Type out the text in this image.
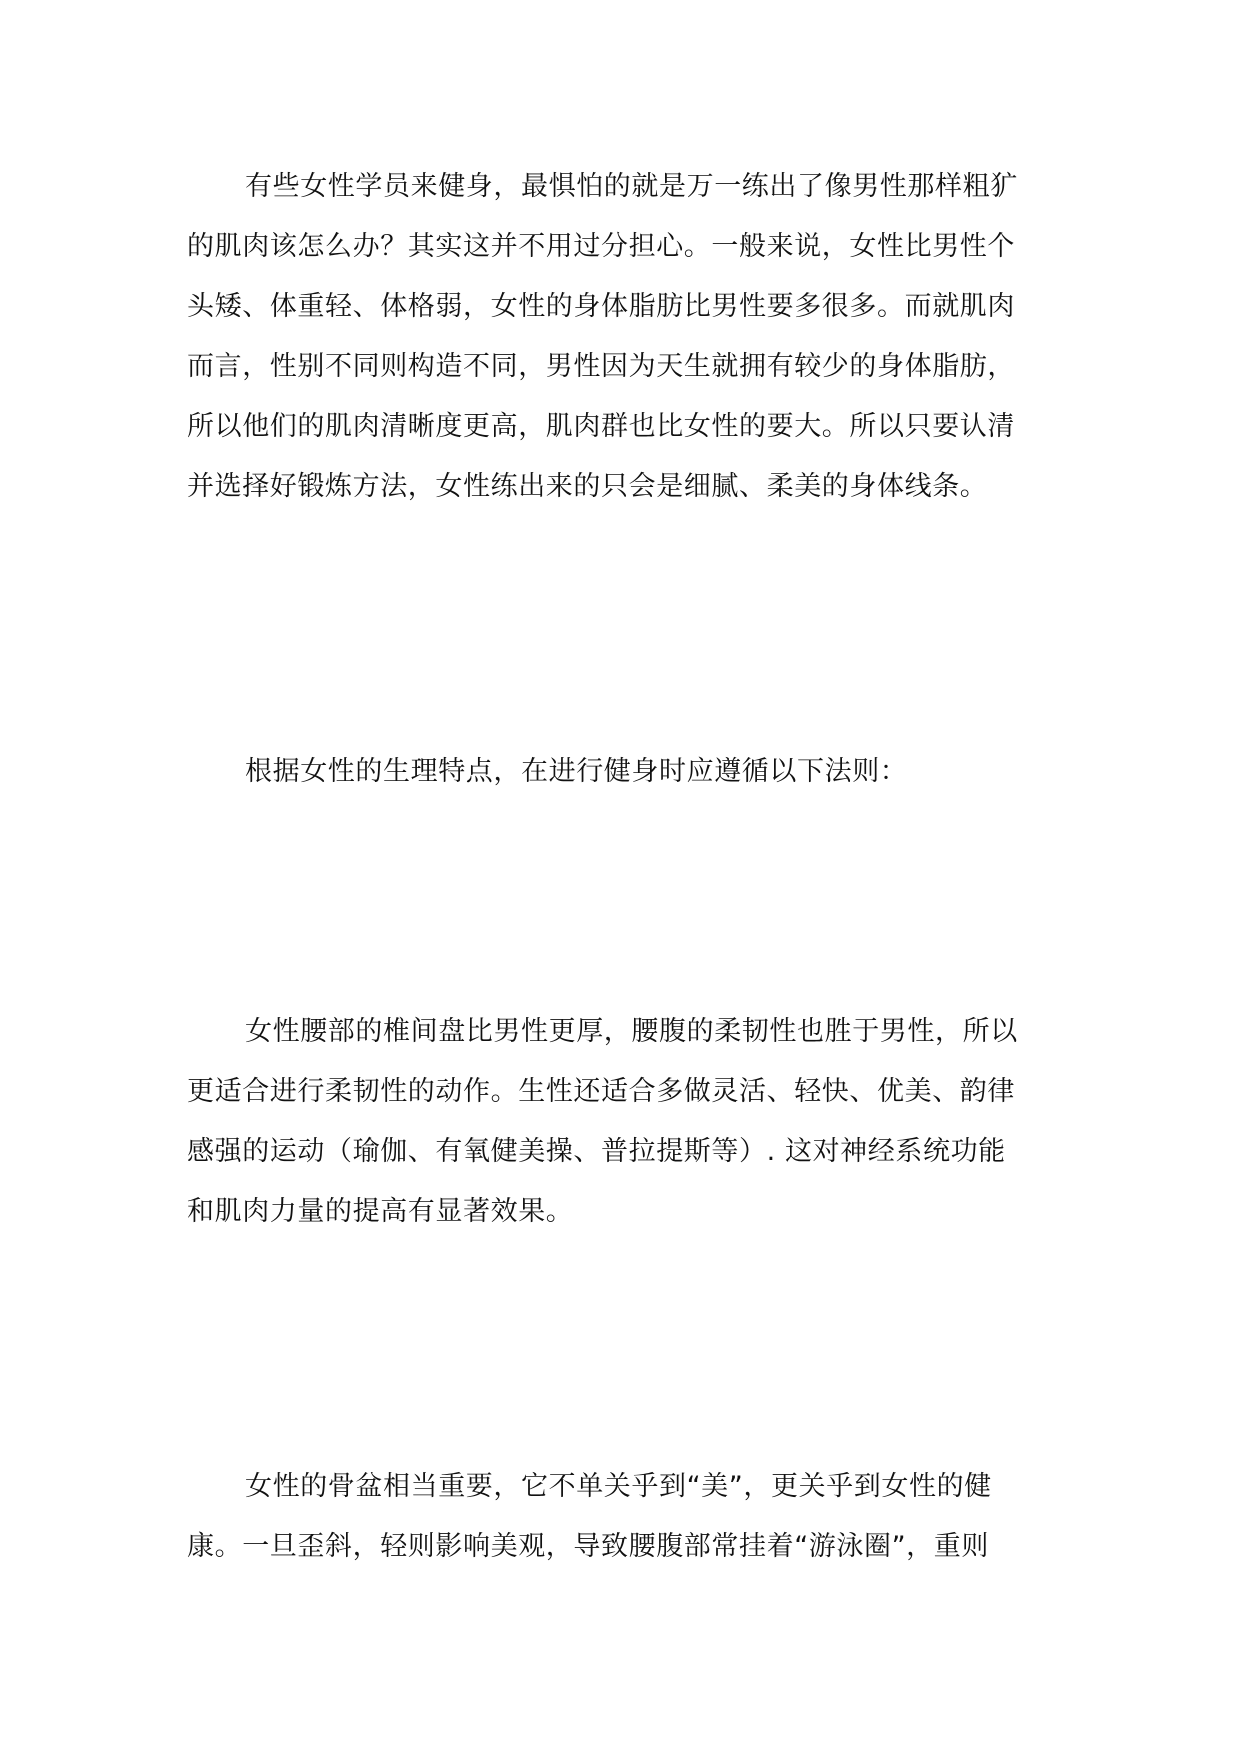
有些女性学员来健身，最惧怕的就是万一练出了像男性那样粗犷
的肌肉该怎么办？其实这并不用过分担心。一般来说，女性比男性个
头矮、体重轻、体格弱，女性的身体脂肪比男性要多很多。而就肌肉
而言，性别不同则构造不同，男性因为天生就拥有较少的身体脂肪，
所以他们的肌肉清晰度更高，肌肉群也比女性的要大。所以只要认清
并选择好锻炼方法，女性练出来的只会是细腻、柔美的身体线条。
根据女性的生理特点，在进行健身时应遵循以下法则：
女性腰部的椎间盘比男性更厚，腰腹的柔韧性也胜于男性，所以
更适合进行柔韧性的动作。生性还适合多做灵活、轻快、优美、韵律
感强的运动（瑜伽、有氧健美操、普拉提斯等）. 这对神经系统功能
和肌肉力量的提高有显著效果。
女性的骨盆相当重要，它不单关乎到“美”，更关乎到女性的健
康。一旦歪斜，轻则影响美观，导致腰腹部常挂着“游泳圈”，重则
